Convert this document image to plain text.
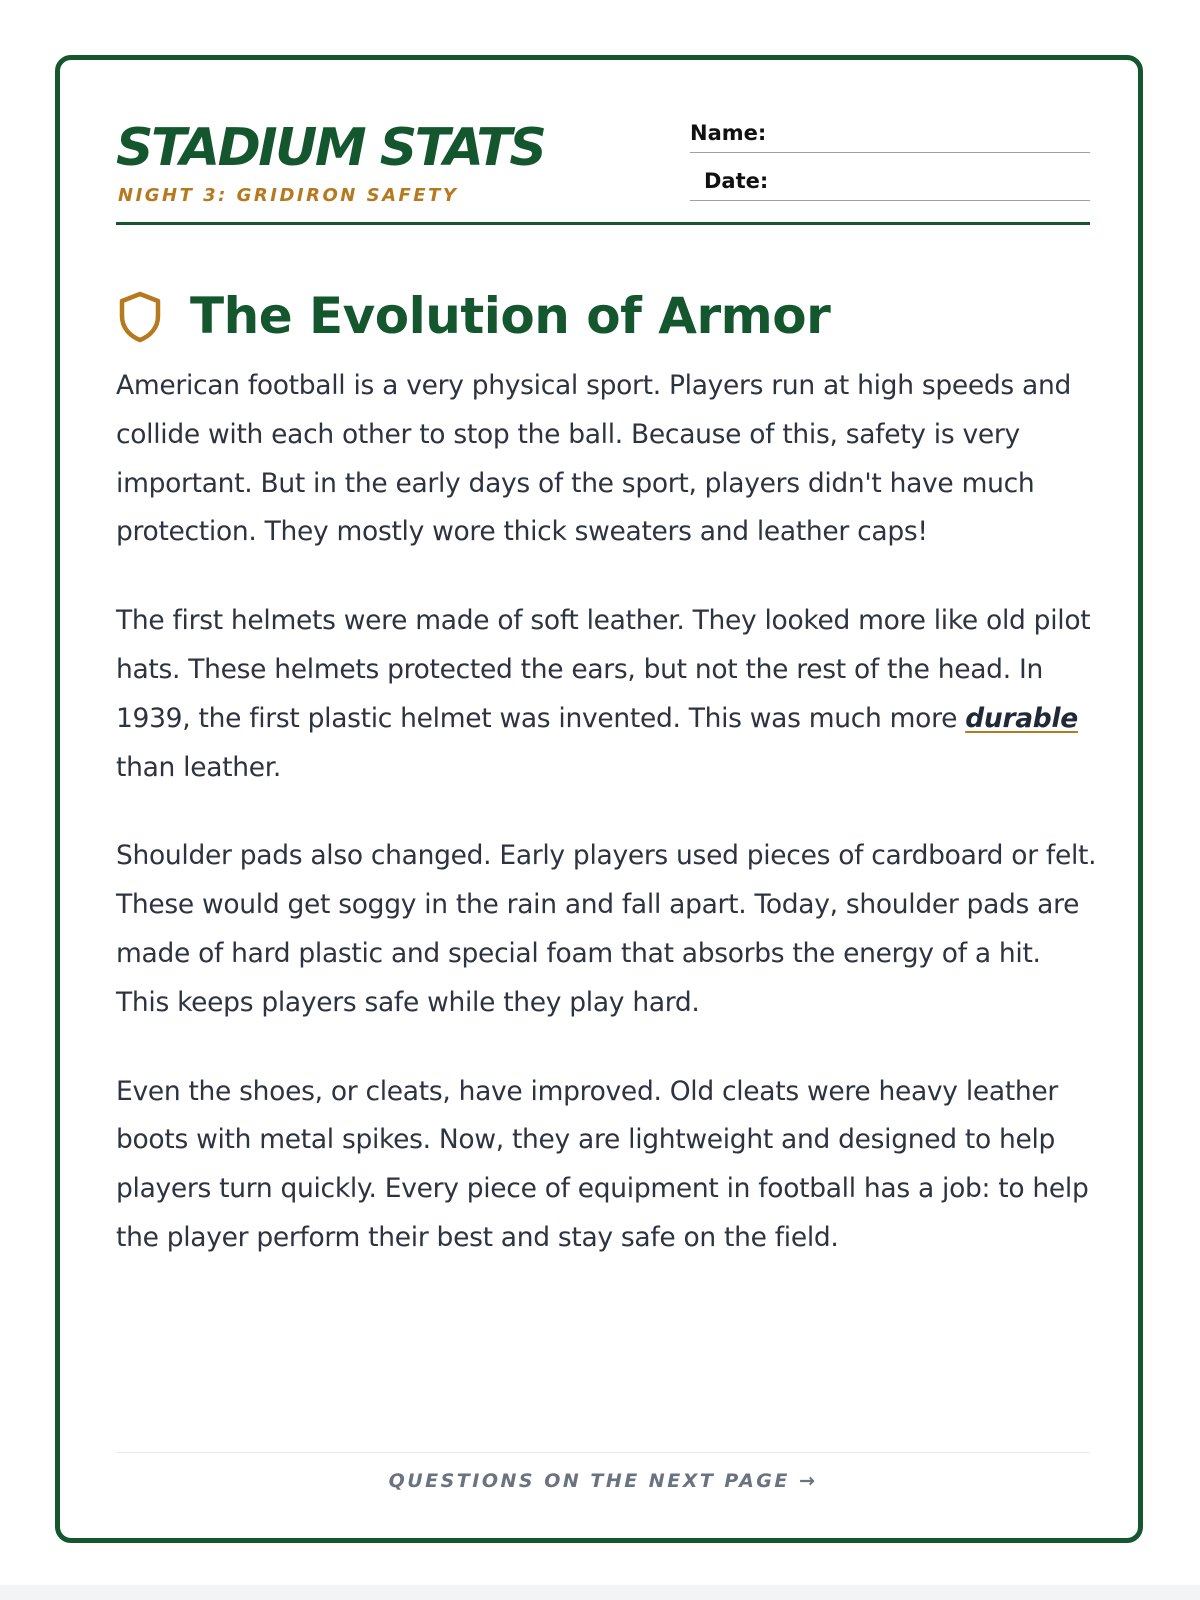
STADIUM STATS
NIGHT 3: GRIDIRON SAFETY
Name:
Date:
The Evolution of Armor

American football is a very physical sport. Players run at high speeds and collide with each other to stop the ball. Because of this, safety is very important. But in the early days of the sport, players didn't have much protection. They mostly wore thick sweaters and leather caps!

The first helmets were made of soft leather. They looked more like old pilot hats. These helmets protected the ears, but not the rest of the head. In 1939, the first plastic helmet was invented. This was much more durable than leather.

Shoulder pads also changed. Early players used pieces of cardboard or felt. These would get soggy in the rain and fall apart. Today, shoulder pads are made of hard plastic and special foam that absorbs the energy of a hit. This keeps players safe while they play hard.

Even the shoes, or cleats, have improved. Old cleats were heavy leather boots with metal spikes. Now, they are lightweight and designed to help players turn quickly. Every piece of equipment in football has a job: to help the player perform their best and stay safe on the field.

QUESTIONS ON THE NEXT PAGE →
